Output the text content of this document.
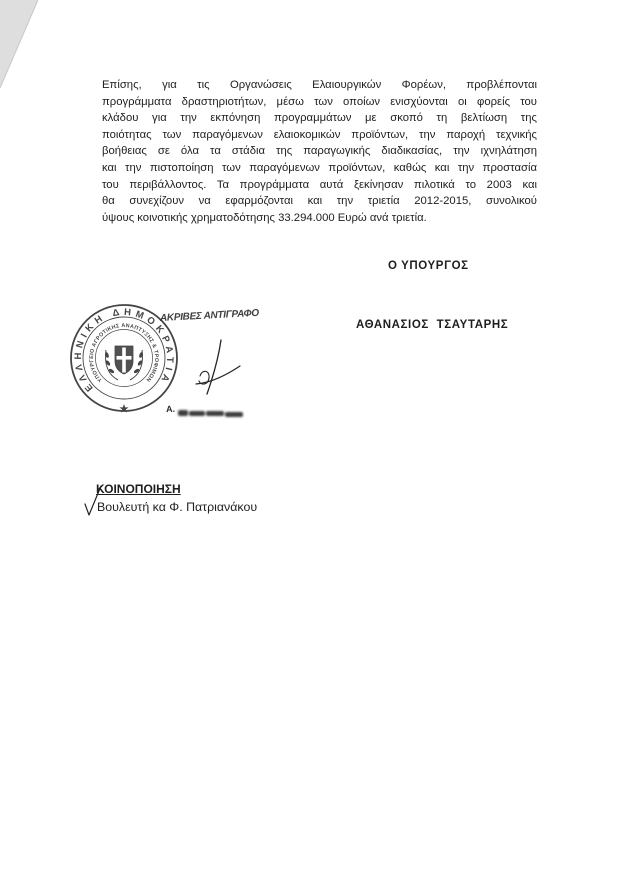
Επίσης, για τις Οργανώσεις Ελαιουργικών Φορέων, προβλέπονται
προγράμματα δραστηριοτήτων, μέσω των οποίων ενισχύονται οι φορείς του
κλάδου για την εκπόνηση προγραμμάτων με σκοπό τη βελτίωση της
ποιότητας των παραγόμενων ελαιοκομικών προϊόντων, την παροχή τεχνικής
βοήθειας σε όλα τα στάδια της παραγωγικής διαδικασίας, την ιχνηλάτηση
και την πιστοποίηση των παραγόμενων προϊόντων, καθώς και την προστασία
του περιβάλλοντος. Τα προγράμματα αυτά ξεκίνησαν πιλοτικά το 2003 και
θα συνεχίζουν να εφαρμόζονται και την τριετία 2012-2015, συνολικού
ύψους κοινοτικής χρηματοδότησης 33.294.000 Ευρώ ανά τριετία.
Ο ΥΠΟΥΡΓΟΣ
ΑΘΑΝΑΣΙΟΣ ΤΣΑΥΤΑΡΗΣ
ΕΛΛΗΝΙΚΗ ΔΗΜΟΚΡΑΤΙΑ
ΥΠΟΥΡΓΕΙΟ ΑΓΡΟΤΙΚΗΣ ΑΝΑΠΤΥΞΗΣ & ΤΡΟΦΙΜΩΝ
ΑΚΡΙΒΕΣ ΑΝΤΙΓΡΑΦΟ
Α.
ΚΟΙΝΟΠΟΙΗΣΗ
Βουλευτή κα Φ. Πατριανάκου
